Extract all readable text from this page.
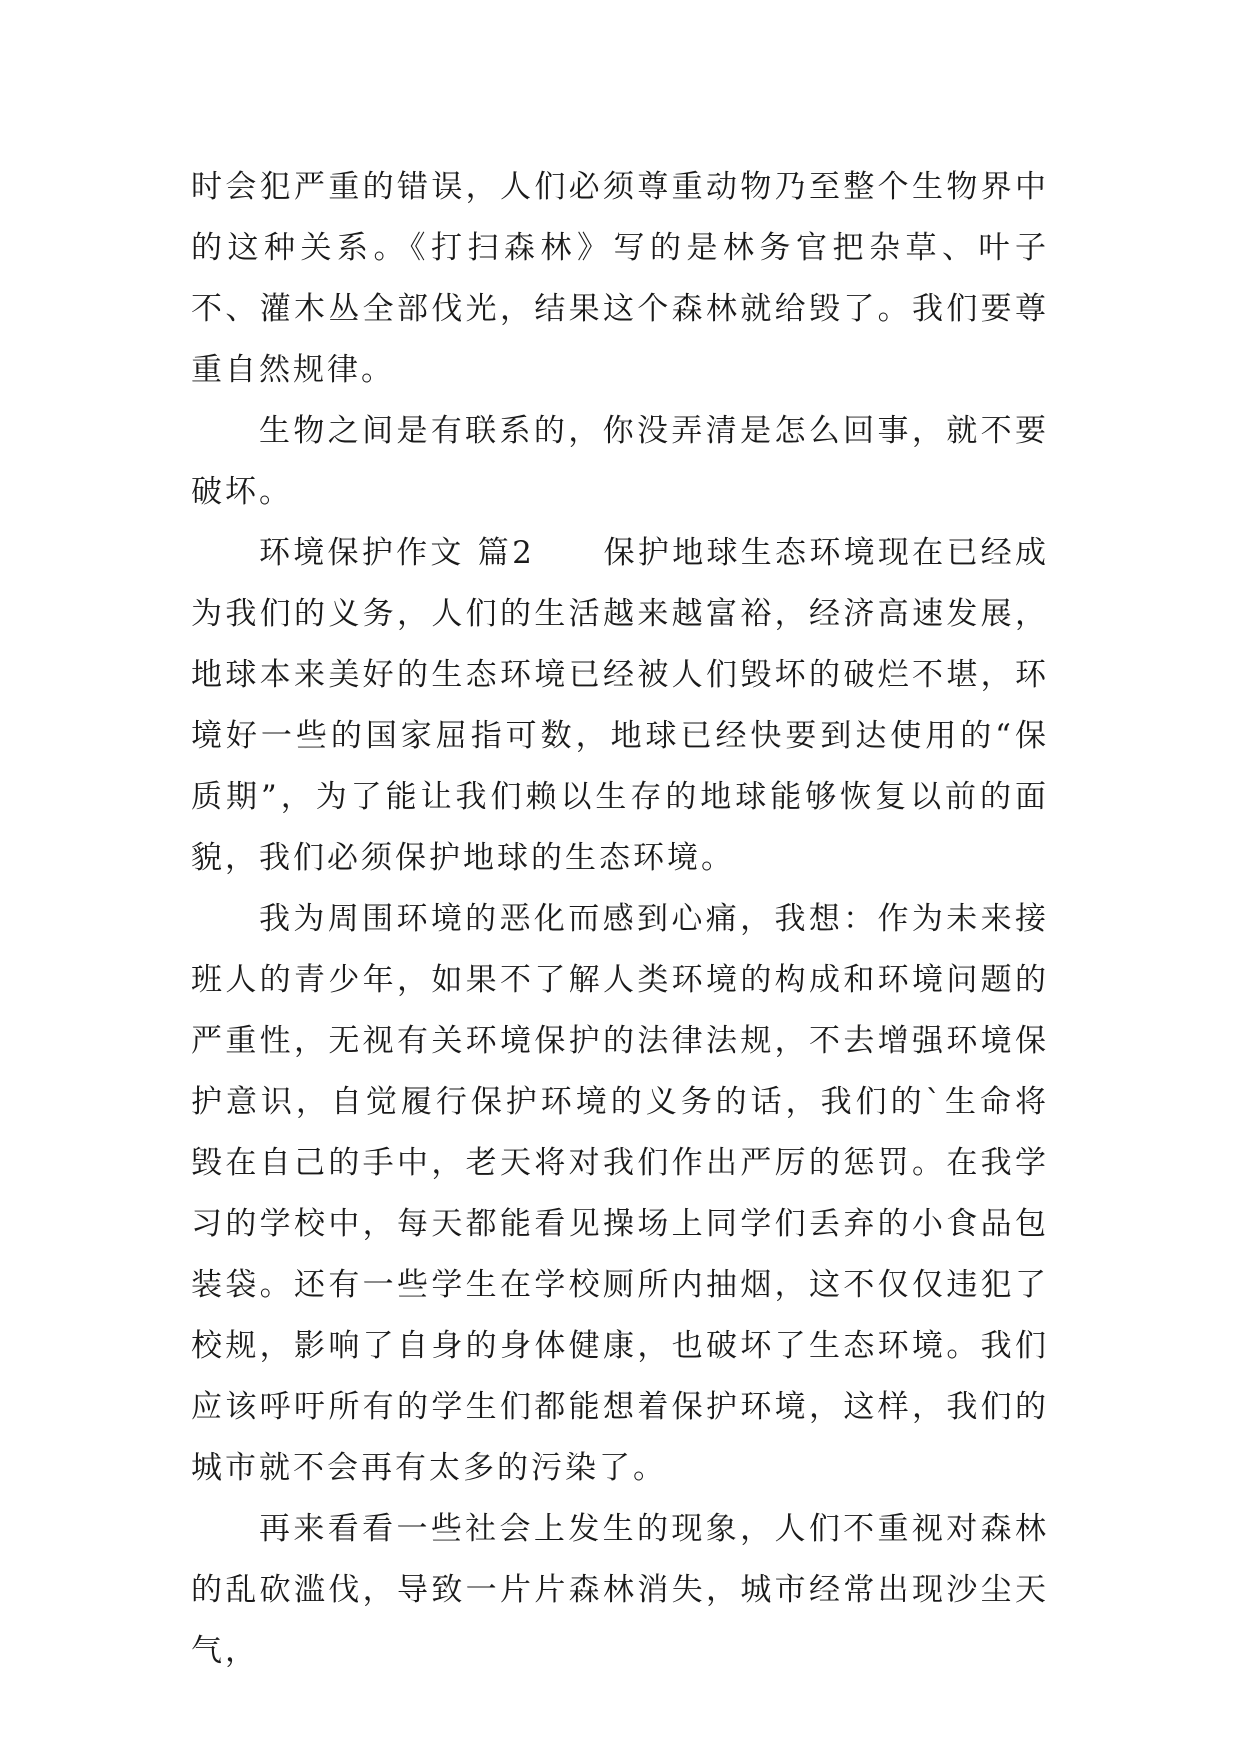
时会犯严重的错误，人们必须尊重动物乃至整个生物界中的这种关系。《打扫森林》写的是林务官把杂草、叶子不、灌木丛全部伐光，结果这个森林就给毁了。我们要尊重自然规律。

生物之间是有联系的，你没弄清是怎么回事，就不要破坏。

环境保护作文 篇2　　保护地球生态环境现在已经成为我们的义务，人们的生活越来越富裕，经济高速发展，地球本来美好的生态环境已经被人们毁坏的破烂不堪，环境好一些的国家屈指可数，地球已经快要到达使用的“保质期”，为了能让我们赖以生存的地球能够恢复以前的面貌，我们必须保护地球的生态环境。

我为周围环境的恶化而感到心痛，我想：作为未来接班人的青少年，如果不了解人类环境的构成和环境问题的严重性，无视有关环境保护的法律法规，不去增强环境保护意识，自觉履行保护环境的义务的话，我们的`生命将毁在自己的手中，老天将对我们作出严厉的惩罚。在我学习的学校中，每天都能看见操场上同学们丢弃的小食品包装袋。还有一些学生在学校厕所内抽烟，这不仅仅违犯了校规，影响了自身的身体健康，也破坏了生态环境。我们应该呼吁所有的学生们都能想着保护环境，这样，我们的城市就不会再有太多的污染了。

再来看看一些社会上发生的现象，人们不重视对森林的乱砍滥伐，导致一片片森林消失，城市经常出现沙尘天气，
